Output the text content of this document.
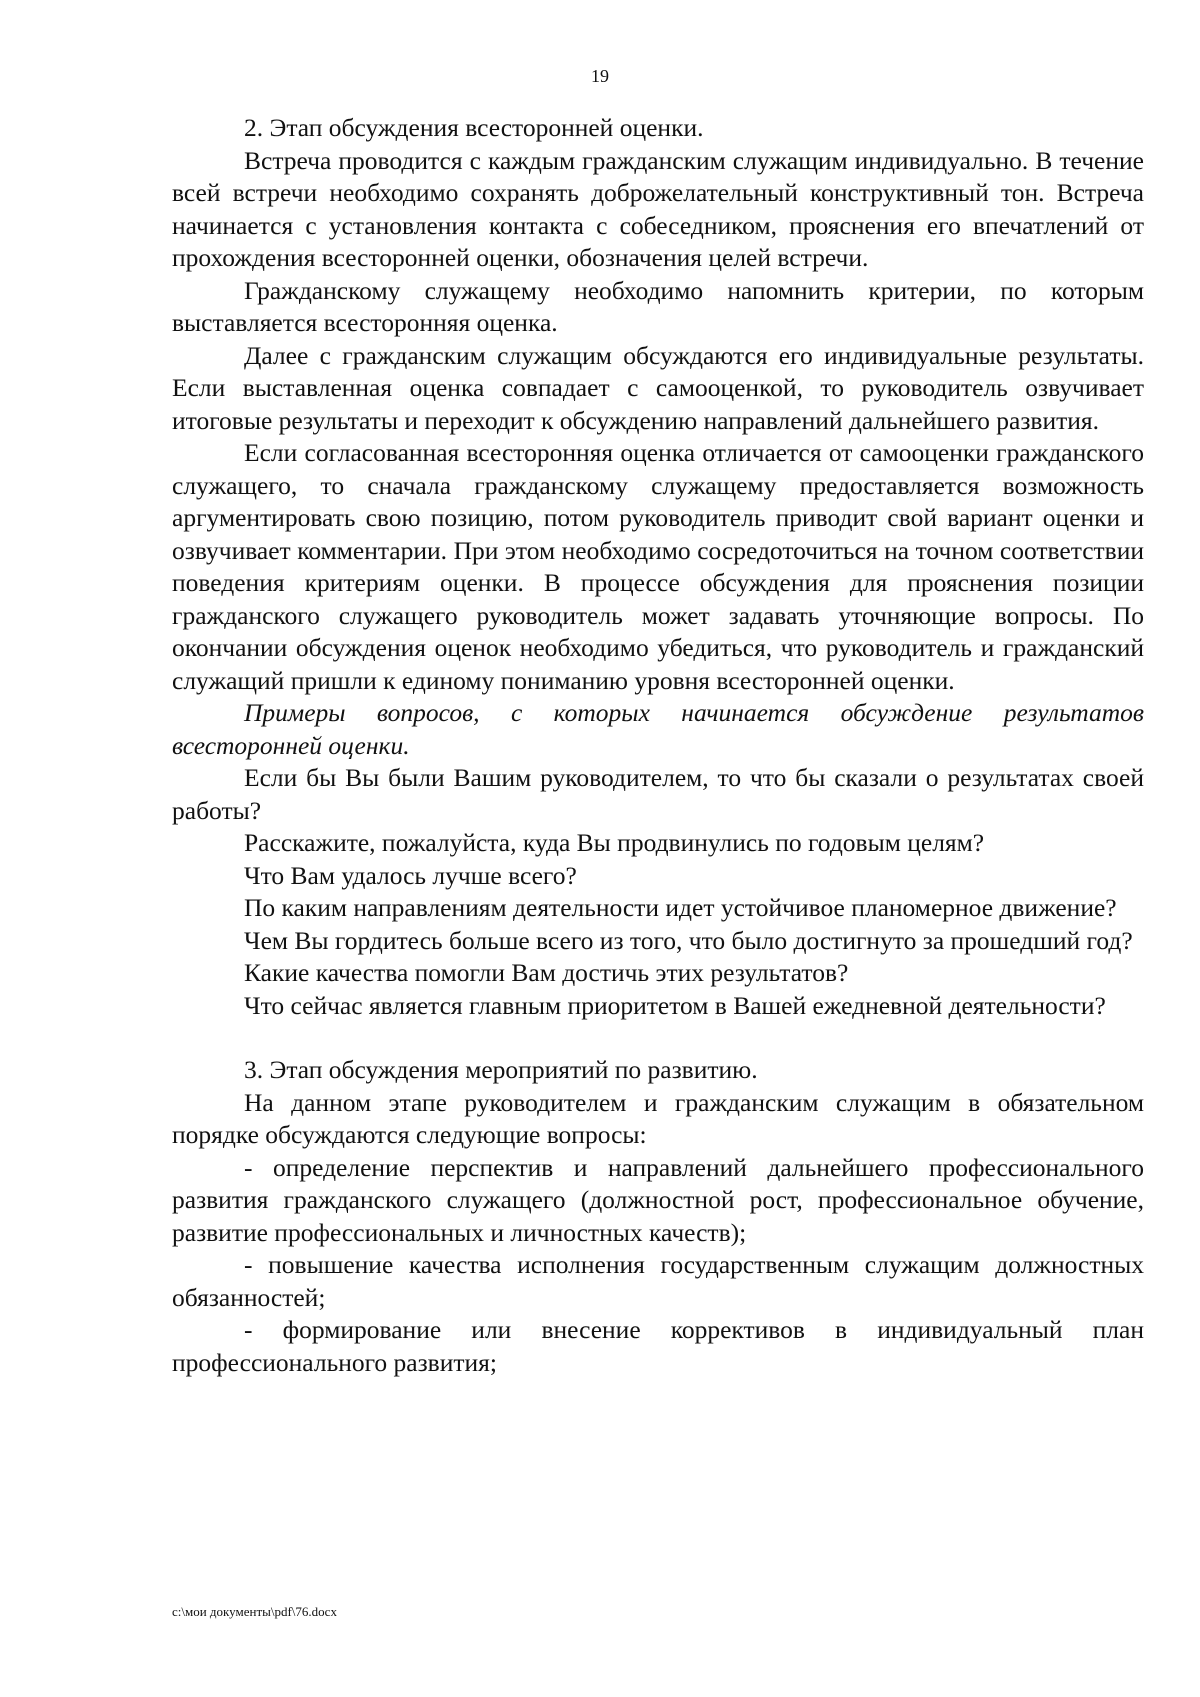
19

2. Этап обсуждения всесторонней оценки.

Встреча проводится с каждым гражданским служащим индивидуально. В течение всей встречи необходимо сохранять доброжелательный конструктивный тон. Встреча начинается с установления контакта с собеседником, прояснения его впечатлений от прохождения всесторонней оценки, обозначения целей встречи.

Гражданскому служащему необходимо напомнить критерии, по которым выставляется всесторонняя оценка.

Далее с гражданским служащим обсуждаются его индивидуальные результаты. Если выставленная оценка совпадает с самооценкой, то руководитель озвучивает итоговые результаты и переходит к обсуждению направлений дальнейшего развития.

Если согласованная всесторонняя оценка отличается от самооценки гражданского служащего, то сначала гражданскому служащему предоставляется возможность аргументировать свою позицию, потом руководитель приводит свой вариант оценки и озвучивает комментарии. При этом необходимо сосредоточиться на точном соответствии поведения критериям оценки. В процессе обсуждения для прояснения позиции гражданского служащего руководитель может задавать уточняющие вопросы. По окончании обсуждения оценок необходимо убедиться, что руководитель и гражданский служащий пришли к единому пониманию уровня всесторонней оценки.

Примеры вопросов, с которых начинается обсуждение результатов всесторонней оценки.

Если бы Вы были Вашим руководителем, то что бы сказали о результатах своей работы?

Расскажите, пожалуйста, куда Вы продвинулись по годовым целям?

Что Вам удалось лучше всего?

По каким направлениям деятельности идет устойчивое планомерное движение?

Чем Вы гордитесь больше всего из того, что было достигнуто за прошедший год?

Какие качества помогли Вам достичь этих результатов?

Что сейчас является главным приоритетом в Вашей ежедневной деятельности?

3. Этап обсуждения мероприятий по развитию.

На данном этапе руководителем и гражданским служащим в обязательном порядке обсуждаются следующие вопросы:

- определение перспектив и направлений дальнейшего профессионального развития гражданского служащего (должностной рост, профессиональное обучение, развитие профессиональных и личностных качеств);

- повышение качества исполнения государственным служащим должностных обязанностей;

- формирование или внесение коррективов в индивидуальный план профессионального развития;

c:\мои документы\pdf\76.docx
